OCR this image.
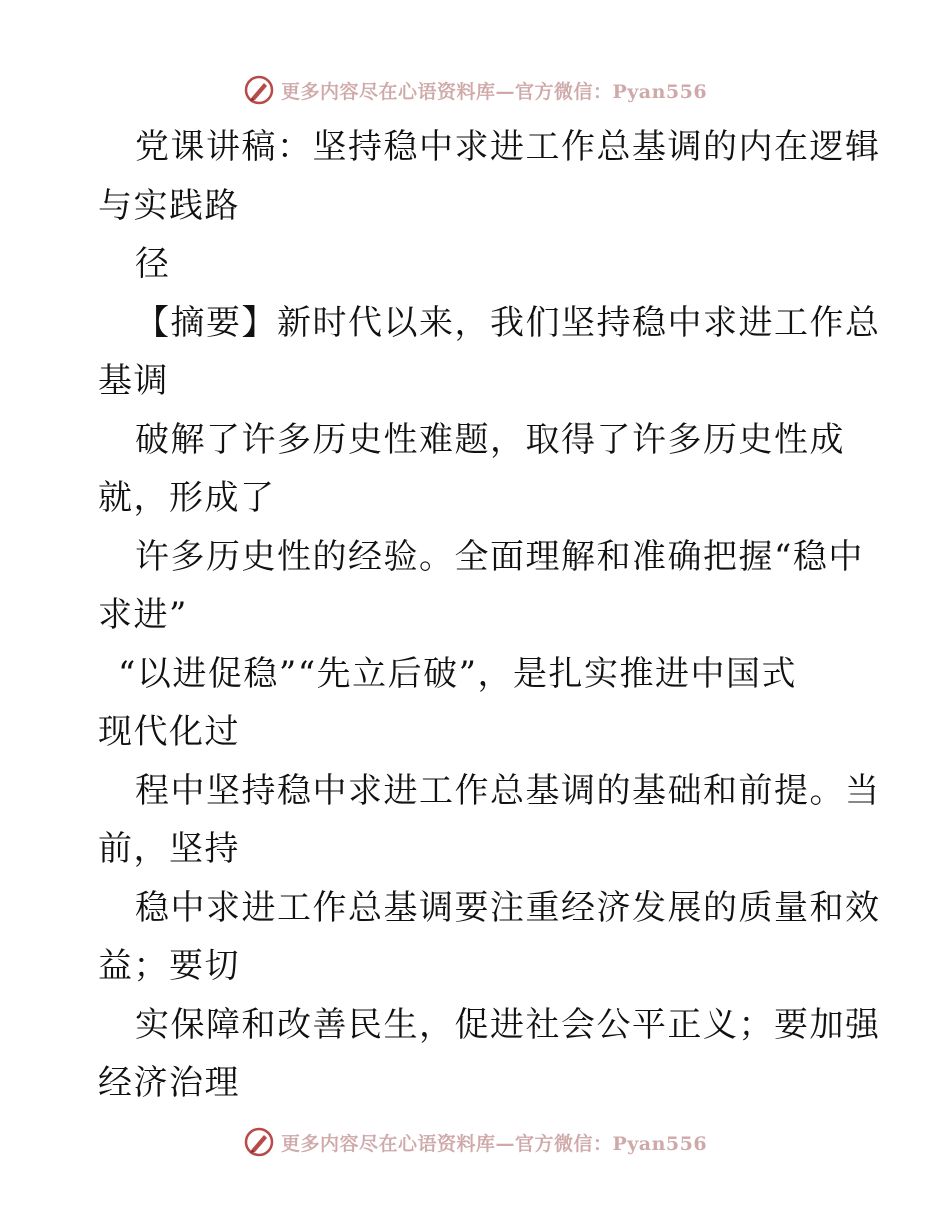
更多内容尽在心语资料库—官方微信：Pyan556
党课讲稿：坚持稳中求进工作总基调的内在逻辑
与实践路
径
【摘要】新时代以来，我们坚持稳中求进工作总
基调
破解了许多历史性难题，取得了许多历史性成
就，形成了
许多历史性的经验。全面理解和准确把握“稳中
求进”
“以进促稳”“先立后破”，是扎实推进中国式
现代化过
程中坚持稳中求进工作总基调的基础和前提。当
前，坚持
稳中求进工作总基调要注重经济发展的质量和效
益；要切
实保障和改善民生，促进社会公平正义；要加强
经济治理
更多内容尽在心语资料库—官方微信：Pyan556
